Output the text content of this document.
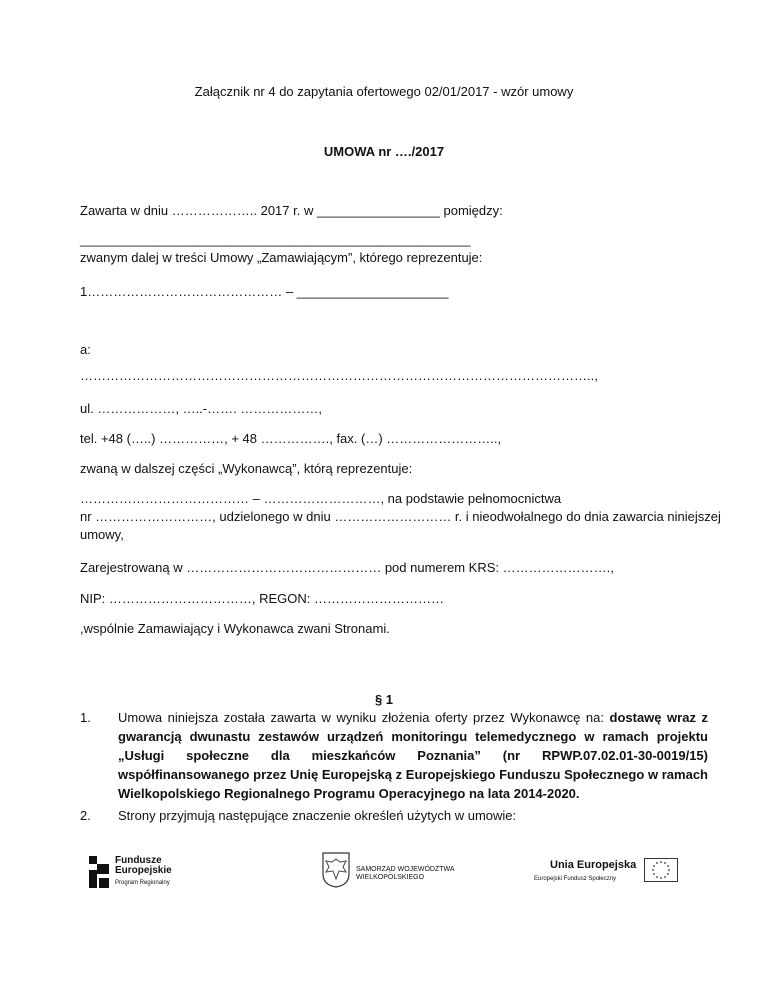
Załącznik nr 4 do zapytania ofertowego 02/01/2017 - wzór umowy
UMOWA nr …./2017
Zawarta w dniu ……………….. 2017 r. w _________________ pomiędzy:
______________________________________________________
zwanym dalej w treści Umowy „Zamawiającym”, którego reprezentuje:
1……………………………………… – _____________________
a:
………………………………………………………………………………………………………..,
ul. ………………, …..-……. ………………,
tel. +48 (…..) ……………, + 48 ……………., fax. (…) ……………………..,
zwaną w dalszej części „Wykonawcą”, którą reprezentuje:
………………………………… – ………………………, na podstawie pełnomocnictwa
nr ………………………, udzielonego w dniu ……………………… r. i nieodwołalnego do dnia zawarcia niniejszej
umowy,
Zarejestrowaną w ……………………………………… pod numerem KRS: …………………….,
NIP: ……………………………, REGON: …………………………
,wspólnie Zamawiający i Wykonawca zwani Stronami.
§ 1
1. Umowa niniejsza została zawarta w wyniku złożenia oferty przez Wykonawcę na: dostawę wraz z gwarancją dwunastu zestawów urządzeń monitoringu telemedycznego w ramach projektu „Usługi społeczne dla mieszkańców Poznania” (nr RPWP.07.02.01-30-0019/15) współfinansowanego przez Unię Europejską z Europejskiego Funduszu Społecznego w ramach Wielkopolskiego Regionalnego Programu Operacyjnego na lata 2014-2020.
2. Strony przyjmują następujące znaczenie określeń użytych w umowie:
Fundusze
Europejskie
Program Regionalny
SAMORZĄD WOJEWÓDZTWA
WIELKOPOLSKIEGO
Unia Europejska
Europejski Fundusz Społeczny
